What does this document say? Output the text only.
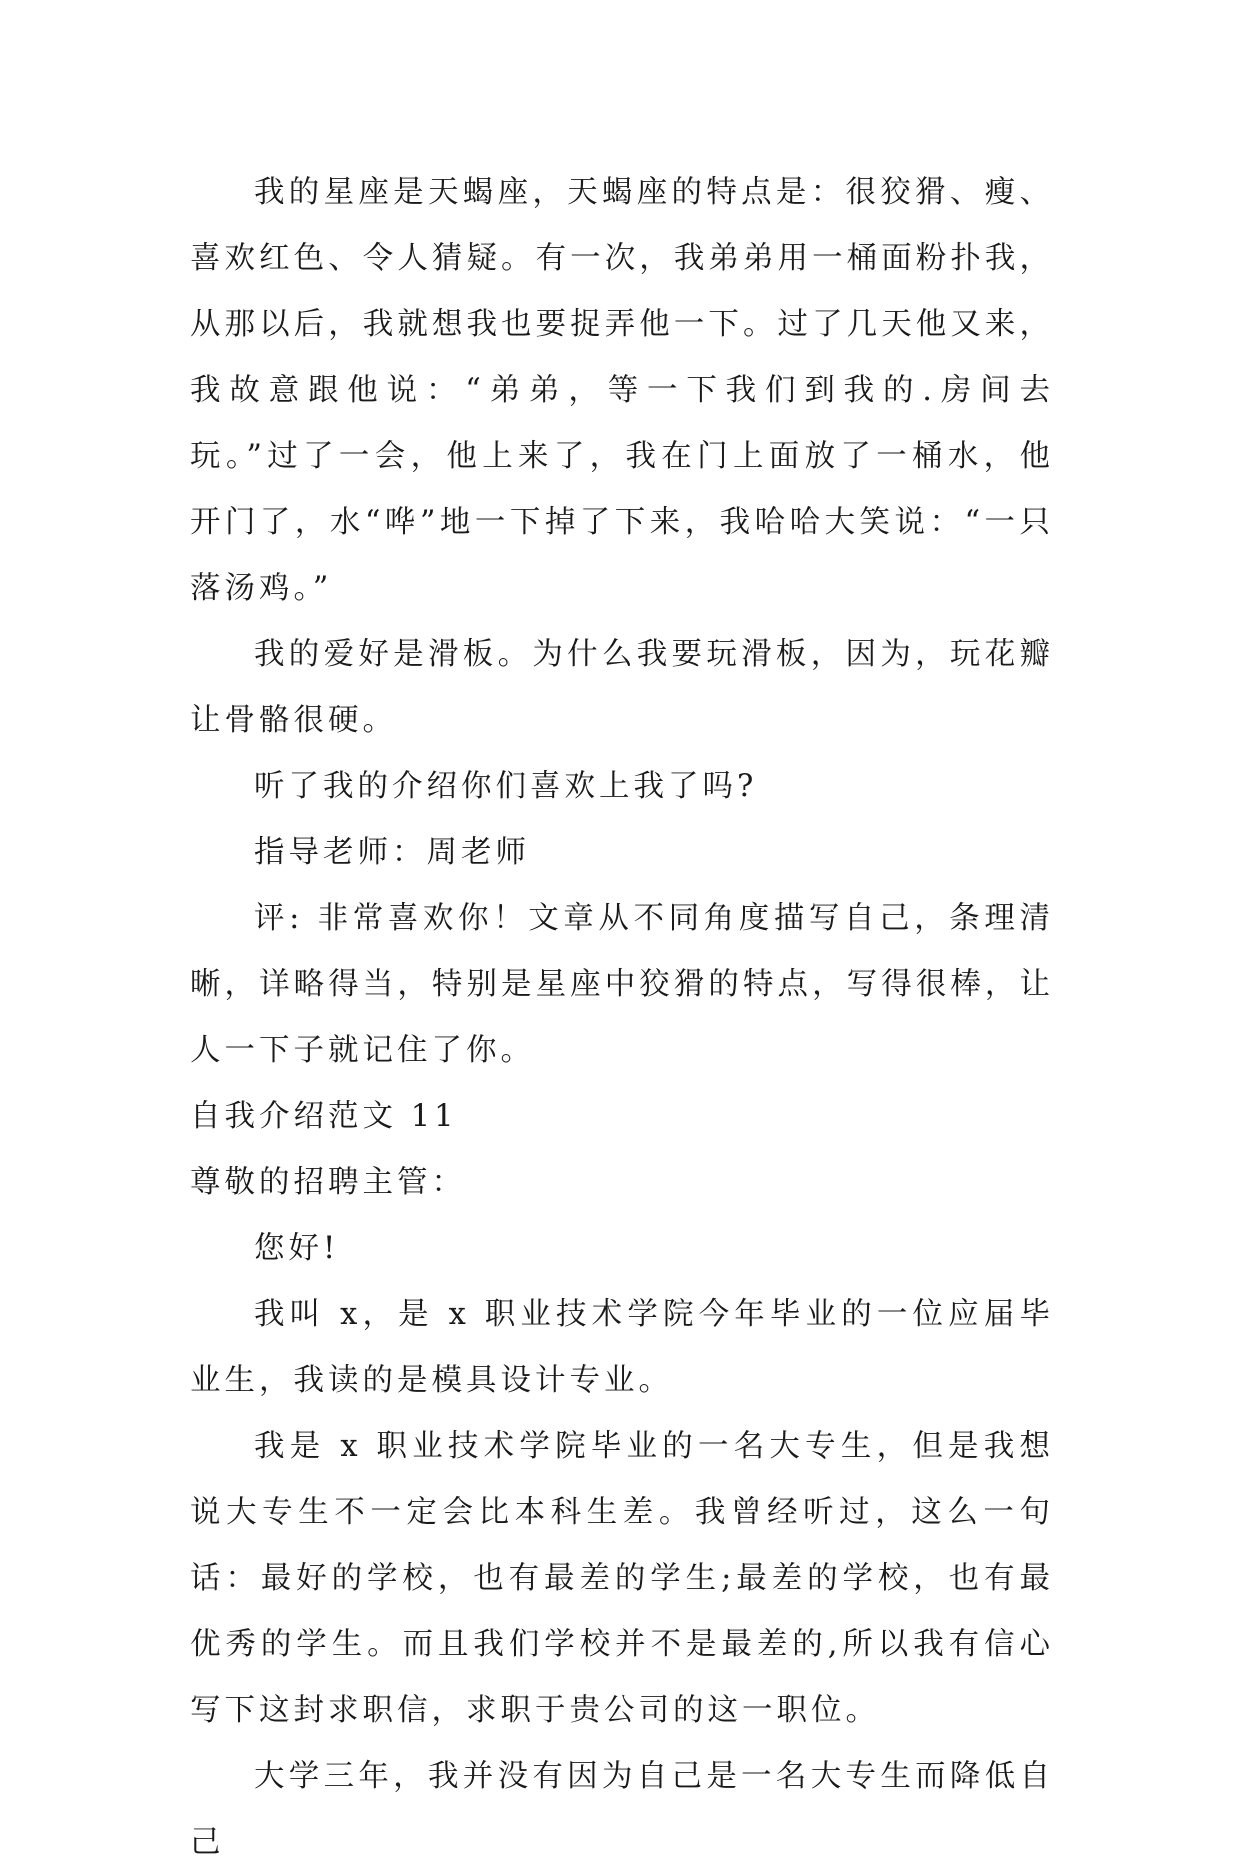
我的星座是天蝎座，天蝎座的特点是：很狡猾、瘦、喜欢红色、令人猜疑。有一次，我弟弟用一桶面粉扑我，从那以后，我就想我也要捉弄他一下。过了几天他又来，我故意跟他说：“弟弟，等一下我们到我的.房间去玩。”过了一会，他上来了，我在门上面放了一桶水，他开门了，水“哗”地一下掉了下来，我哈哈大笑说：“一只落汤鸡。”

我的爱好是滑板。为什么我要玩滑板，因为，玩花瓣让骨骼很硬。

听了我的介绍你们喜欢上我了吗?

指导老师：周老师

评: 非常喜欢你！文章从不同角度描写自己，条理清晰，详略得当，特别是星座中狡猾的特点，写得很棒，让人一下子就记住了你。

自我介绍范文 11

尊敬的招聘主管：

您好!

我叫 x，是 x 职业技术学院今年毕业的一位应届毕业生，我读的是模具设计专业。

我是 x 职业技术学院毕业的一名大专生，但是我想说大专生不一定会比本科生差。我曾经听过，这么一句话：最好的学校，也有最差的学生;最差的学校，也有最优秀的学生。而且我们学校并不是最差的,所以我有信心写下这封求职信，求职于贵公司的这一职位。

大学三年，我并没有因为自己是一名大专生而降低自己
